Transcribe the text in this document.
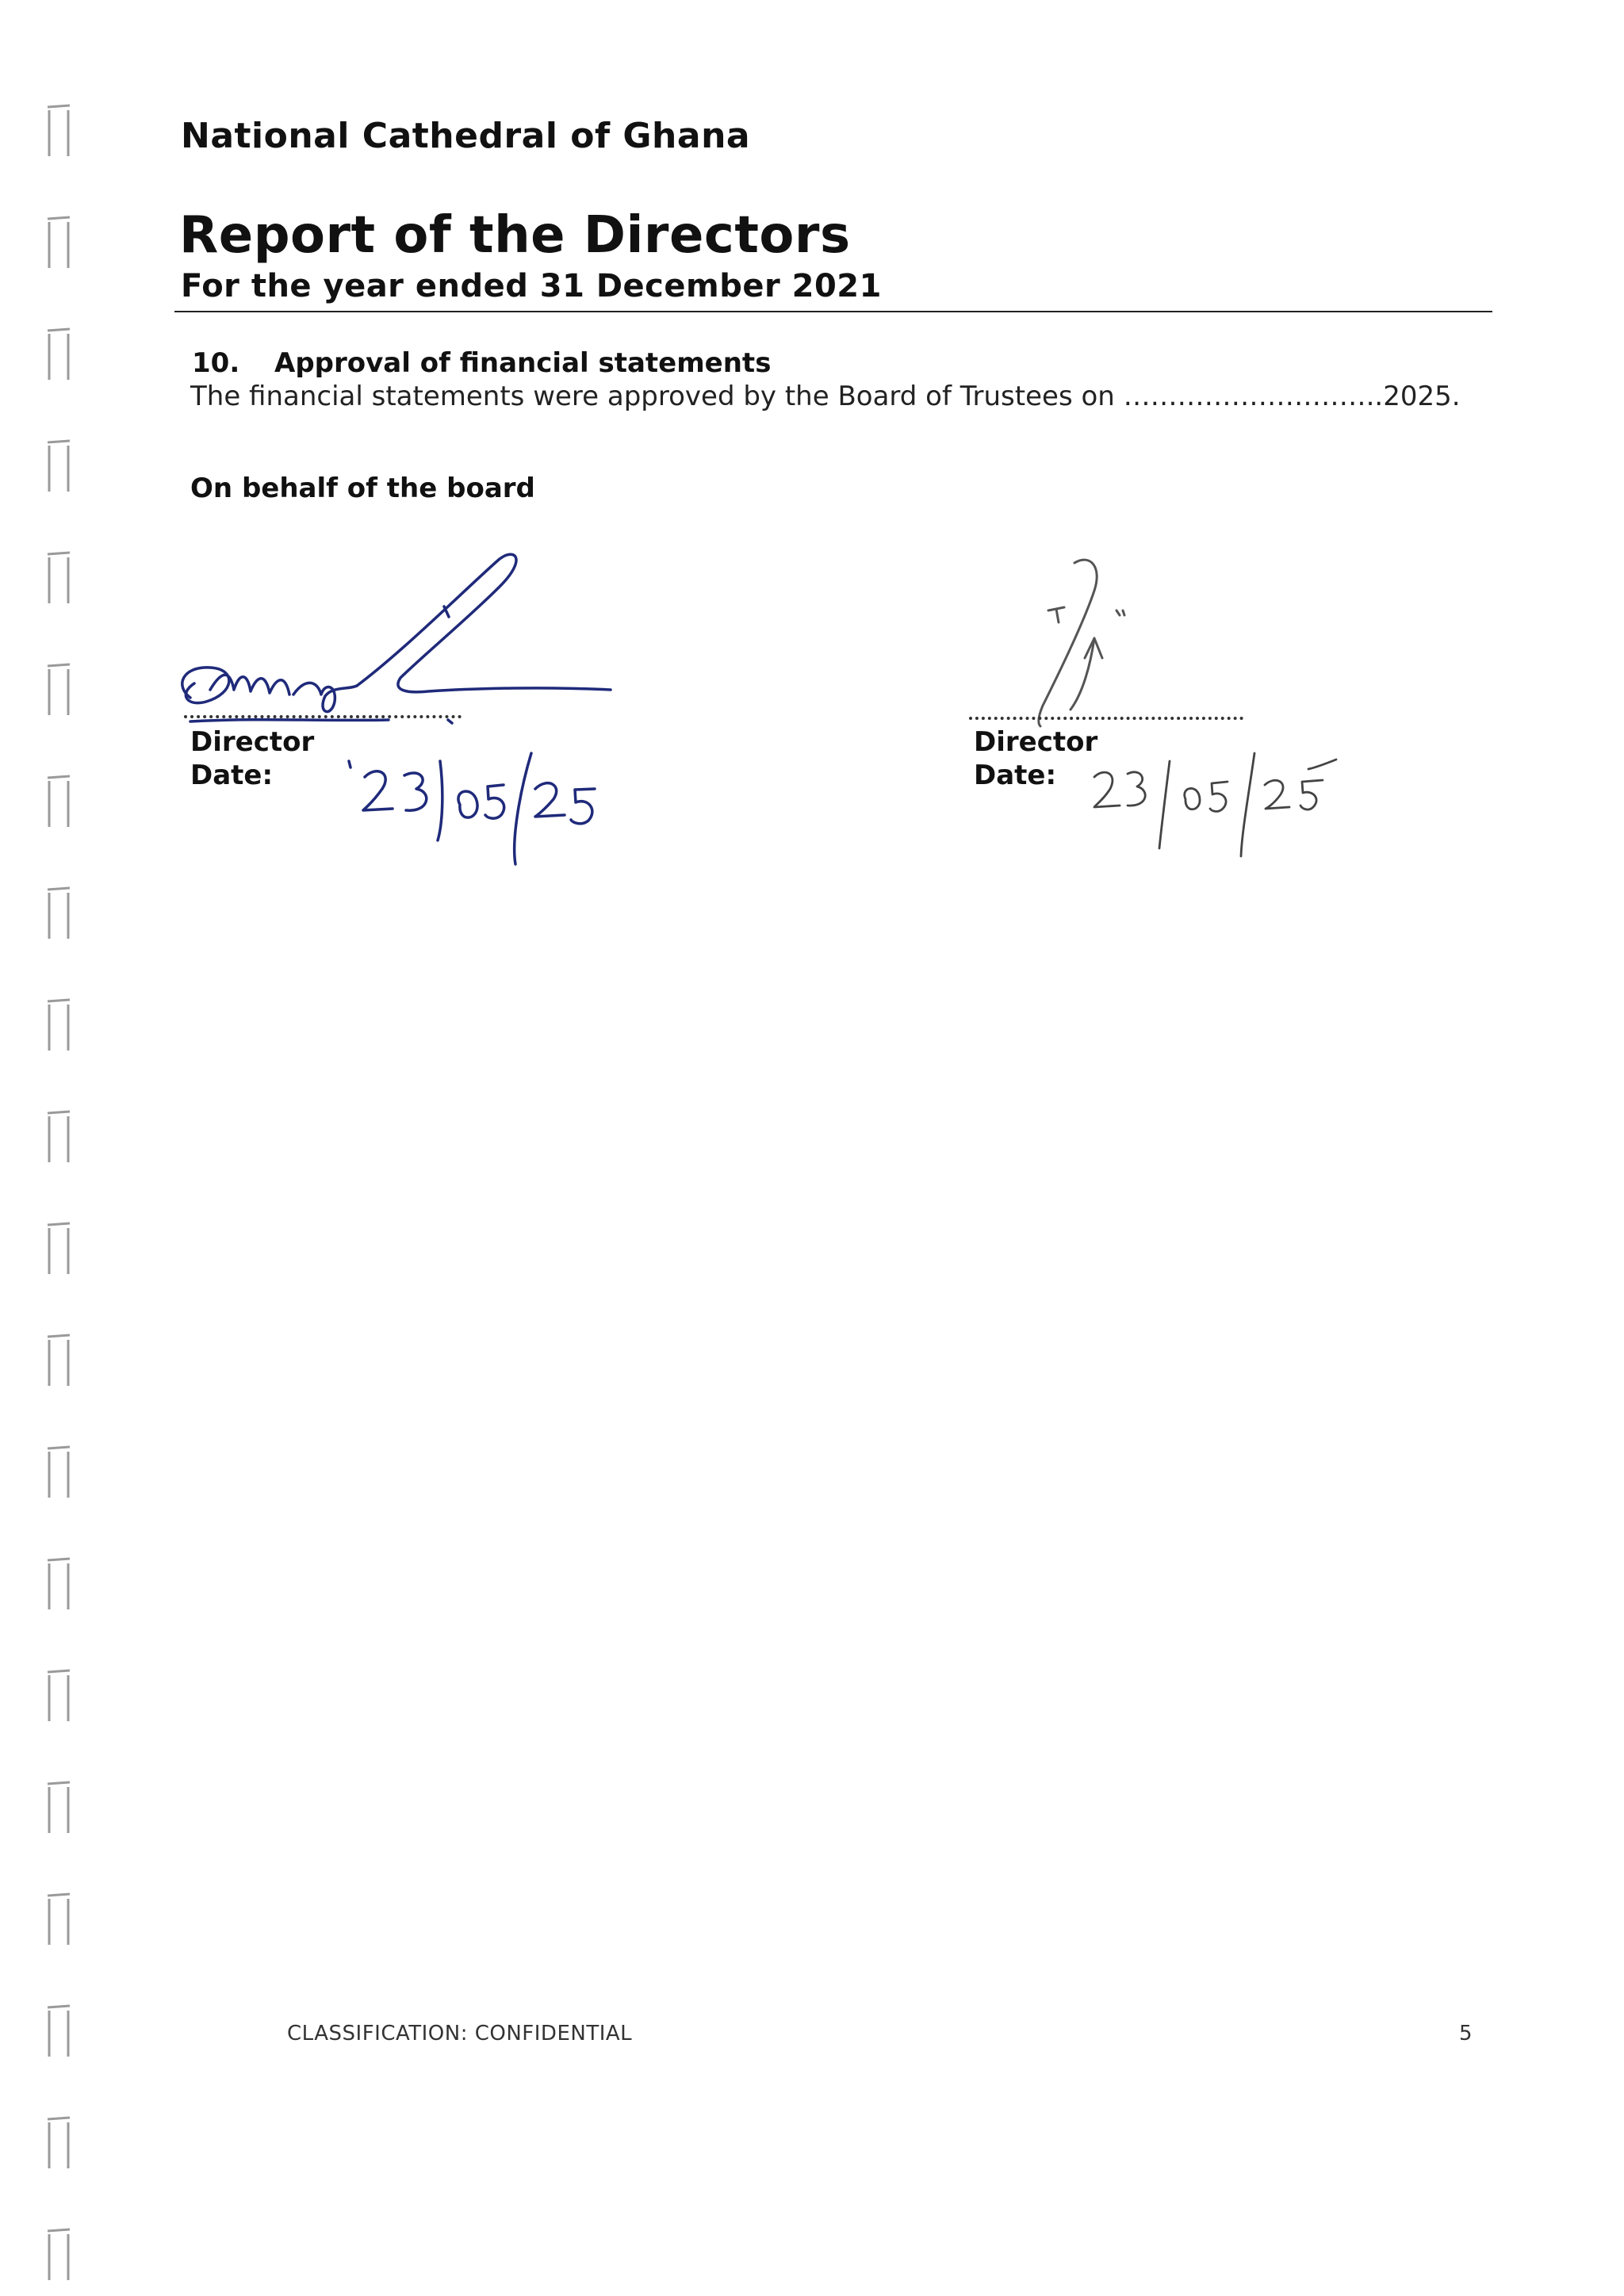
National Cathedral of Ghana
Report of the Directors
For the year ended 31 December 2021
10. Approval of financial statements
The financial statements were approved by the Board of Trustees on ………………………..2025.
On behalf of the board
Director
Date:
Director
Date:
CLASSIFICATION: CONFIDENTIAL	5
